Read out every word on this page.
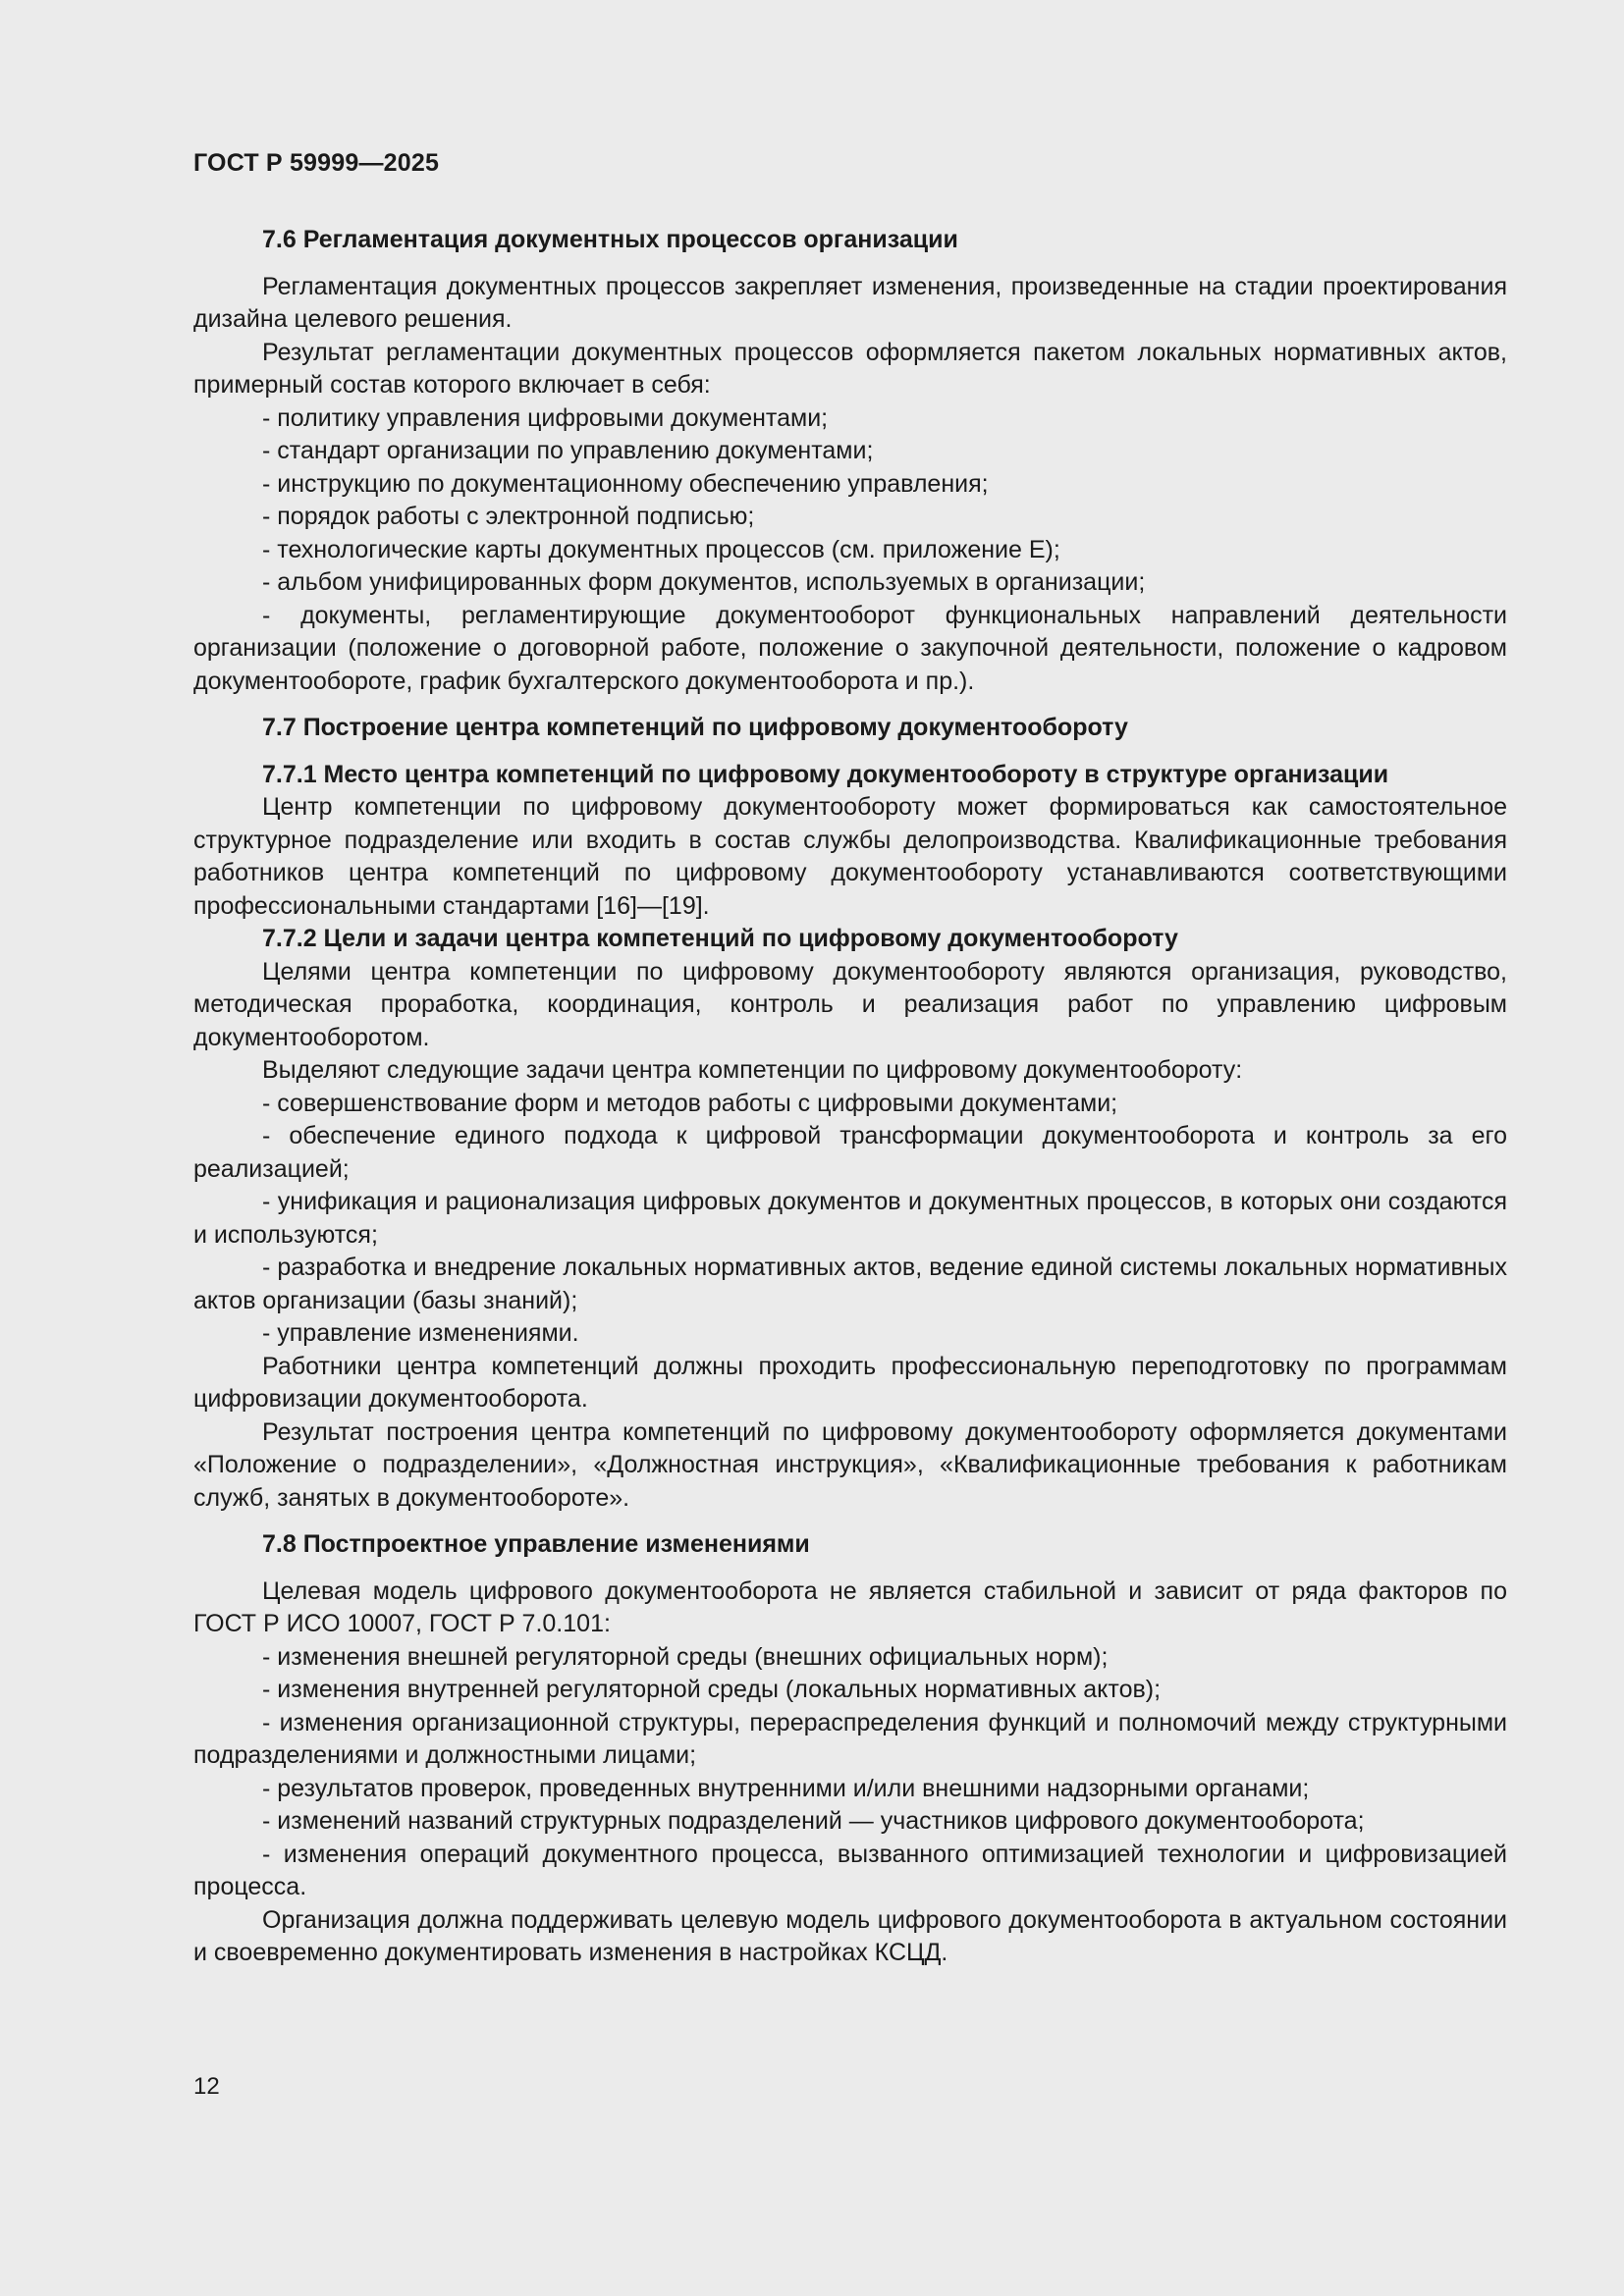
ГОСТ Р 59999—2025

7.6 Регламентация документных процессов организации

Регламентация документных процессов закрепляет изменения, произведенные на стадии проектирования дизайна целевого решения.

Результат регламентации документных процессов оформляется пакетом локальных нормативных актов, примерный состав которого включает в себя:

- политику управления цифровыми документами;

- стандарт организации по управлению документами;

- инструкцию по документационному обеспечению управления;

- порядок работы с электронной подписью;

- технологические карты документных процессов (см. приложение Е);

- альбом унифицированных форм документов, используемых в организации;

- документы, регламентирующие документооборот функциональных направлений деятельности организации (положение о договорной работе, положение о закупочной деятельности, положение о кадровом документообороте, график бухгалтерского документооборота и пр.).

7.7 Построение центра компетенций по цифровому документообороту

7.7.1 Место центра компетенций по цифровому документообороту в структуре организации

Центр компетенции по цифровому документообороту может формироваться как самостоятельное структурное подразделение или входить в состав службы делопроизводства. Квалификационные требования работников центра компетенций по цифровому документообороту устанавливаются соответствующими профессиональными стандартами [16]—[19].

7.7.2 Цели и задачи центра компетенций по цифровому документообороту

Целями центра компетенции по цифровому документообороту являются организация, руководство, методическая проработка, координация, контроль и реализация работ по управлению цифровым документооборотом.

Выделяют следующие задачи центра компетенции по цифровому документообороту:

- совершенствование форм и методов работы с цифровыми документами;

- обеспечение единого подхода к цифровой трансформации документооборота и контроль за его реализацией;

- унификация и рационализация цифровых документов и документных процессов, в которых они создаются и используются;

- разработка и внедрение локальных нормативных актов, ведение единой системы локальных нормативных актов организации (базы знаний);

- управление изменениями.

Работники центра компетенций должны проходить профессиональную переподготовку по программам цифровизации документооборота.

Результат построения центра компетенций по цифровому документообороту оформляется документами «Положение о подразделении», «Должностная инструкция», «Квалификационные требования к работникам служб, занятых в документообороте».

7.8 Постпроектное управление изменениями

Целевая модель цифрового документооборота не является стабильной и зависит от ряда факторов по ГОСТ Р ИСО 10007, ГОСТ Р 7.0.101:

- изменения внешней регуляторной среды (внешних официальных норм);

- изменения внутренней регуляторной среды (локальных нормативных актов);

- изменения организационной структуры, перераспределения функций и полномочий между структурными подразделениями и должностными лицами;

- результатов проверок, проведенных внутренними и/или внешними надзорными органами;

- изменений названий структурных подразделений — участников цифрового документооборота;

- изменения операций документного процесса, вызванного оптимизацией технологии и цифровизацией процесса.

Организация должна поддерживать целевую модель цифрового документооборота в актуальном состоянии и своевременно документировать изменения в настройках КСЦД.

12
